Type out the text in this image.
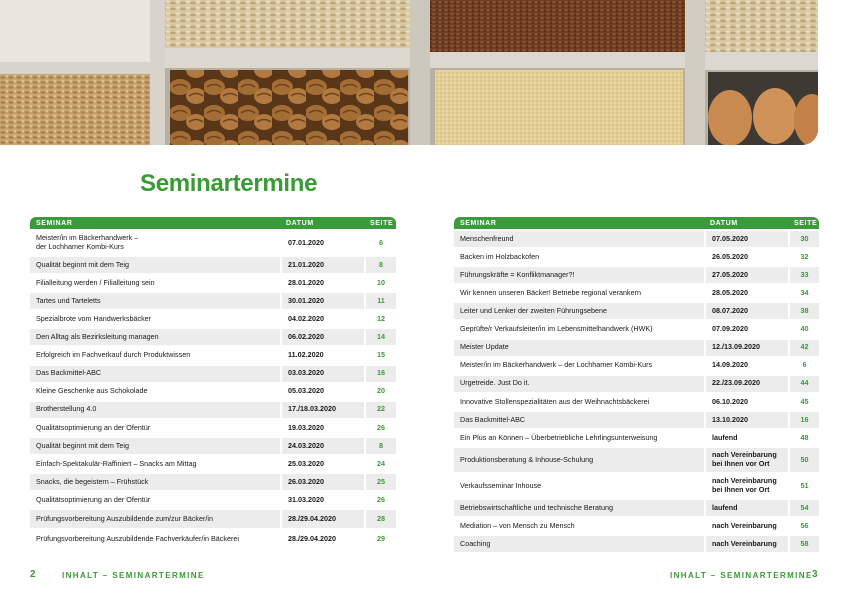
Seminartermine
SEMINAR	DATUM	SEITE
Meister/in im Bäckerhandwerk –
der Lochhamer Kombi-Kurs	07.01.2020	6
Qualität beginnt mit dem Teig	21.01.2020	8
Filialleitung werden / Filialleitung sein	28.01.2020	10
Tartes und Tarteletts	30.01.2020	11
Spezialbrote vom Handwerksbäcker	04.02.2020	12
Den Alltag als Bezirksleitung managen	06.02.2020	14
Erfolgreich im Fachverkauf durch Produktwissen	11.02.2020	15
Das Backmittel-ABC	03.03.2020	16
Kleine Geschenke aus Schokolade	05.03.2020	20
Brotherstellung 4.0	17./18.03.2020	22
Qualitätsoptimierung an der Ofentür	19.03.2020	26
Qualität beginnt mit dem Teig	24.03.2020	8
Einfach-Spektakulär-Raffiniert – Snacks am Mittag	25.03.2020	24
Snacks, die begeistern – Frühstück	26.03.2020	25
Qualitätsoptimierung an der Ofentür	31.03.2020	26
Prüfungsvorbereitung Auszubildende zum/zur Bäcker/in	28./29.04.2020	28
Prüfungsvorbereitung Auszubildende Fachverkäufer/in Bäckerei	28./29.04.2020	29
SEMINAR	DATUM	SEITE
Menschenfreund	07.05.2020	30
Backen im Holzbackofen	26.05.2020	32
Führungskräfte = Konfliktmanager?!	27.05.2020	33
Wir kennen unseren Bäcker! Betriebe regional verankern	28.05.2020	34
Leiter und Lenker der zweiten Führungsebene	08.07.2020	38
Geprüfte/r Verkaufsleiter/in im Lebensmittelhandwerk (HWK)	07.09.2020	40
Meister Update	12./13.09.2020	42
Meister/in im Bäckerhandwerk – der Lochhamer Kombi-Kurs	14.09.2020	6
Urgetreide. Just Do it.	22./23.09.2020	44
Innovative Stollenspezialitäten aus der Weihnachtsbäckerei	06.10.2020	45
Das Backmittel-ABC	13.10.2020	16
Ein Plus an Können – Überbetriebliche Lehrlingsunterweisung	laufend	48
Produktionsberatung & Inhouse-Schulung	nach Vereinbarung bei Ihnen vor Ort	50
Verkaufsseminar Inhouse	nach Vereinbarung bei Ihnen vor Ort	51
Betriebswirtschaftliche und technische Beratung	laufend	54
Mediation – von Mensch zu Mensch	nach Vereinbarung	56
Coaching	nach Vereinbarung	58
2	INHALT – SEMINARTERMINE	INHALT – SEMINARTERMINE 3
